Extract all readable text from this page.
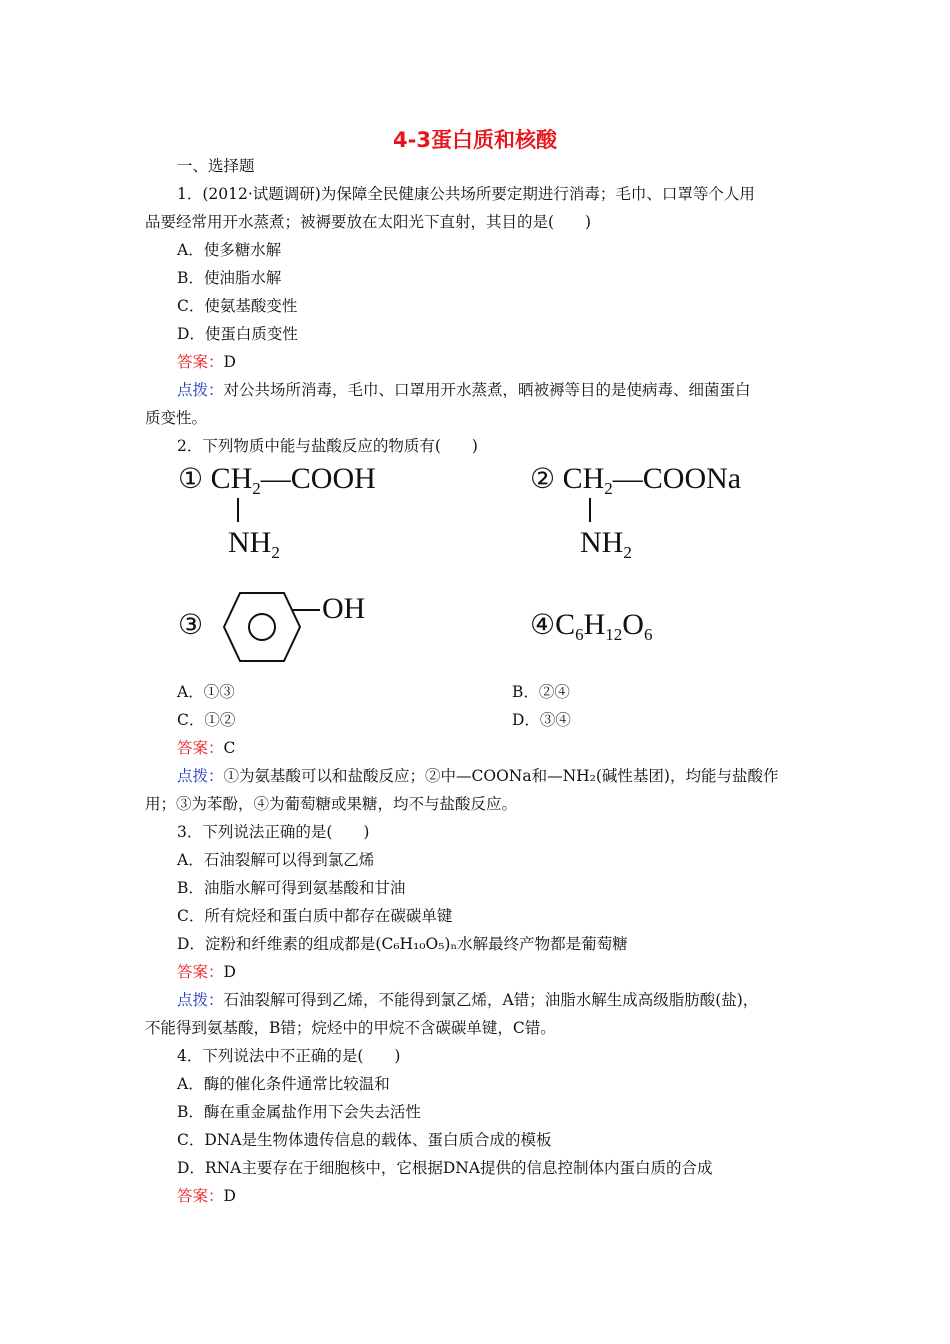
4-3蛋白质和核酸
一、选择题
1．(2012·试题调研)为保障全民健康公共场所要定期进行消毒；毛巾、口罩等个人用
品要经常用开水蒸煮；被褥要放在太阳光下直射，其目的是(　　)
A．使多糖水解
B．使油脂水解
C．使氨基酸变性
D．使蛋白质变性
答案：D
点拨：对公共场所消毒，毛巾、口罩用开水蒸煮，晒被褥等目的是使病毒、细菌蛋白
质变性。
2．下列物质中能与盐酸反应的物质有(　　)
① $CH_2—COOH$
$NH_2$
② $CH_2—COONa$
$NH_2$
③	OH	$④C_6H_{12}O_6$
A．①③	B．②④
C．①②	D．③④
答案：C
点拨：①为氨基酸可以和盐酸反应；②中—COONa和—NH₂(碱性基团)，均能与盐酸作
用；③为苯酚，④为葡萄糖或果糖，均不与盐酸反应。
3．下列说法正确的是(　　)
A．石油裂解可以得到氯乙烯
B．油脂水解可得到氨基酸和甘油
C．所有烷烃和蛋白质中都存在碳碳单键
D．淀粉和纤维素的组成都是(C₆H₁₀O₅)ₙ水解最终产物都是葡萄糖
答案：D
点拨：石油裂解可得到乙烯，不能得到氯乙烯，A错；油脂水解生成高级脂肪酸(盐)，
不能得到氨基酸，B错；烷烃中的甲烷不含碳碳单键，C错。
4．下列说法中不正确的是(　　)
A．酶的催化条件通常比较温和
B．酶在重金属盐作用下会失去活性
C．DNA是生物体遗传信息的载体、蛋白质合成的模板
D．RNA主要存在于细胞核中，它根据DNA提供的信息控制体内蛋白质的合成
答案：D
